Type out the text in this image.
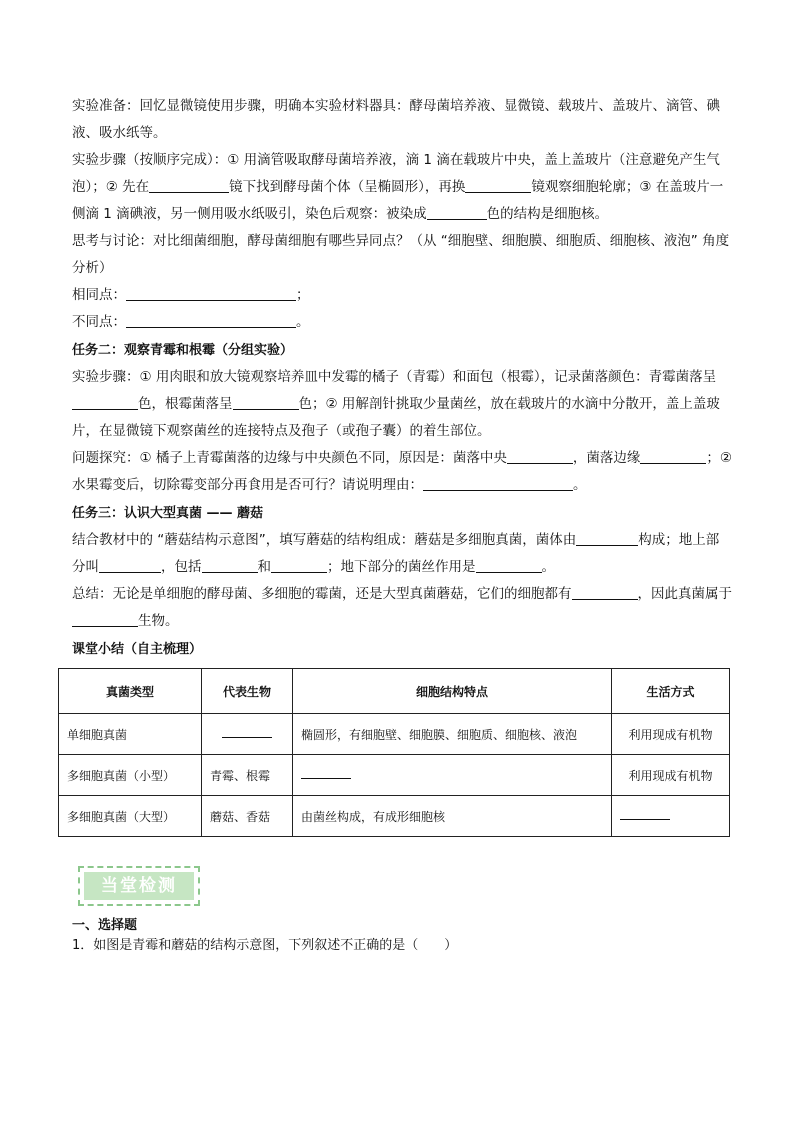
实验准备：回忆显微镜使用步骤，明确本实验材料器具：酵母菌培养液、显微镜、载玻片、盖玻片、滴管、碘液、吸水纸等。

实验步骤（按顺序完成）：① 用滴管吸取酵母菌培养液，滴 1 滴在载玻片中央，盖上盖玻片（注意避免产生气泡）；② 先在	镜下找到酵母菌个体（呈椭圆形），再换	镜观察细胞轮廓；③ 在盖玻片一侧滴 1 滴碘液，另一侧用吸水纸吸引，染色后观察：被染成	色的结构是细胞核。

思考与讨论：对比细菌细胞，酵母菌细胞有哪些异同点？（从 “细胞壁、细胞膜、细胞质、细胞核、液泡” 角度分析）

相同点：	；

不同点：	。

任务二：观察青霉和根霉（分组实验）

实验步骤：① 用肉眼和放大镜观察培养皿中发霉的橘子（青霉）和面包（根霉），记录菌落颜色：青霉菌落呈色，根霉菌落呈	色；② 用解剖针挑取少量菌丝，放在载玻片的水滴中分散开，盖上盖玻片，在显微镜下观察菌丝的连接特点及孢子（或孢子囊）的着生部位。

问题探究：① 橘子上青霉菌落的边缘与中央颜色不同，原因是：菌落中央	，菌落边缘	；② 水果霉变后，切除霉变部分再食用是否可行？请说明理由：	。

任务三：认识大型真菌 —— 蘑菇

结合教材中的 “蘑菇结构示意图”，填写蘑菇的结构组成：蘑菇是多细胞真菌，菌体由	构成；地上部分叫	，包括	和	；地下部分的菌丝作用是	。

总结：无论是单细胞的酵母菌、多细胞的霉菌，还是大型真菌蘑菇，它们的细胞都有	，因此真菌属于生物。

课堂小结（自主梳理）

真菌类型	代表生物	细胞结构特点	生活方式
单细胞真菌		椭圆形，有细胞壁、细胞膜、细胞质、细胞核、液泡	利用现成有机物
多细胞真菌（小型）	青霉、根霉		利用现成有机物
多细胞真菌（大型）	蘑菇、香菇	由菌丝构成，有成形细胞核	
当堂检测
一、选择题
1．如图是青霉和蘑菇的结构示意图，下列叙述不正确的是（　　）
